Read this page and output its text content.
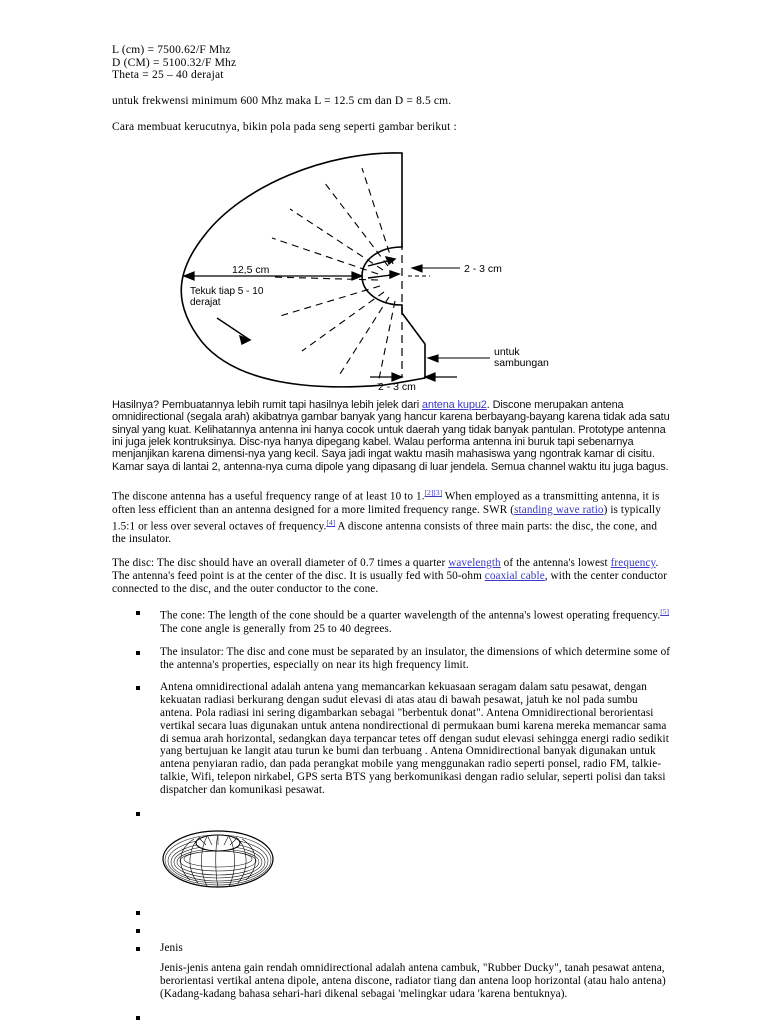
L (cm) = 7500.62/F Mhz
D (CM) = 5100.32/F Mhz
Theta = 25 – 40 derajat
untuk frekwensi minimum 600 Mhz maka L = 12.5 cm dan D = 8.5 cm.
Cara membuat kerucutnya, bikin pola pada seng seperti gambar berikut :
12,5 cm	2 - 3 cm
Tekuk tiap 5 - 10
derajat
untuk
sambungan
2 - 3 cm

Hasilnya? Pembuatannya lebih rumit tapi hasilnya lebih jelek dari antena kupu2. Discone merupakan antena omnidirectional (segala arah) akibatnya gambar banyak yang hancur karena berbayang-bayang karena tidak ada satu sinyal yang kuat. Kelihatannya antenna ini hanya cocok untuk daerah yang tidak banyak pantulan. Prototype antenna ini juga jelek kontruksinya. Disc-nya hanya dipegang kabel. Walau performa antenna ini buruk tapi sebenarnya menjanjikan karena dimensi-nya yang kecil. Saya jadi ingat waktu masih mahasiswa yang ngontrak kamar di cisitu. Kamar saya di lantai 2, antenna-nya cuma dipole yang dipasang di luar jendela. Semua channel waktu itu juga bagus.

The discone antenna has a useful frequency range of at least 10 to 1.[2][3] When employed as a transmitting antenna, it is often less efficient than an antenna designed for a more limited frequency range. SWR (standing wave ratio) is typically 1.5:1 or less over several octaves of frequency.[4] A discone antenna consists of three main parts: the disc, the cone, and the insulator.

The disc: The disc should have an overall diameter of 0.7 times a quarter wavelength of the antenna's lowest frequency. The antenna's feed point is at the center of the disc. It is usually fed with 50-ohm coaxial cable, with the center conductor connected to the disc, and the outer conductor to the cone.

The cone: The length of the cone should be a quarter wavelength of the antenna's lowest operating frequency.[5] The cone angle is generally from 25 to 40 degrees.
The insulator: The disc and cone must be separated by an insulator, the dimensions of which determine some of the antenna's properties, especially on near its high frequency limit.
Antena omnidirectional adalah antena yang memancarkan kekuasaan seragam dalam satu pesawat, dengan kekuatan radiasi berkurang dengan sudut elevasi di atas atau di bawah pesawat, jatuh ke nol pada sumbu antena. Pola radiasi ini sering digambarkan sebagai "berbentuk donat". Antena Omnidirectional berorientasi vertikal secara luas digunakan untuk antena nondirectional di permukaan bumi karena mereka memancar sama di semua arah horizontal, sedangkan daya terpancar tetes off dengan sudut elevasi sehingga energi radio sedikit yang bertujuan ke langit atau turun ke bumi dan terbuang . Antena Omnidirectional banyak digunakan untuk antena penyiaran radio, dan pada perangkat mobile yang menggunakan radio seperti ponsel, radio FM, talkie-talkie, Wifi, telepon nirkabel, GPS serta BTS yang berkomunikasi dengan radio selular, seperti polisi dan taksi dispatcher dan komunikasi pesawat.
Jenis
Jenis-jenis antena gain rendah omnidirectional adalah antena cambuk, "Rubber Ducky", tanah pesawat antena, berorientasi vertikal antena dipole, antena discone, radiator tiang dan antena loop horizontal (atau halo antena) (Kadang-kadang bahasa sehari-hari dikenal sebagai 'melingkar udara 'karena bentuknya).
